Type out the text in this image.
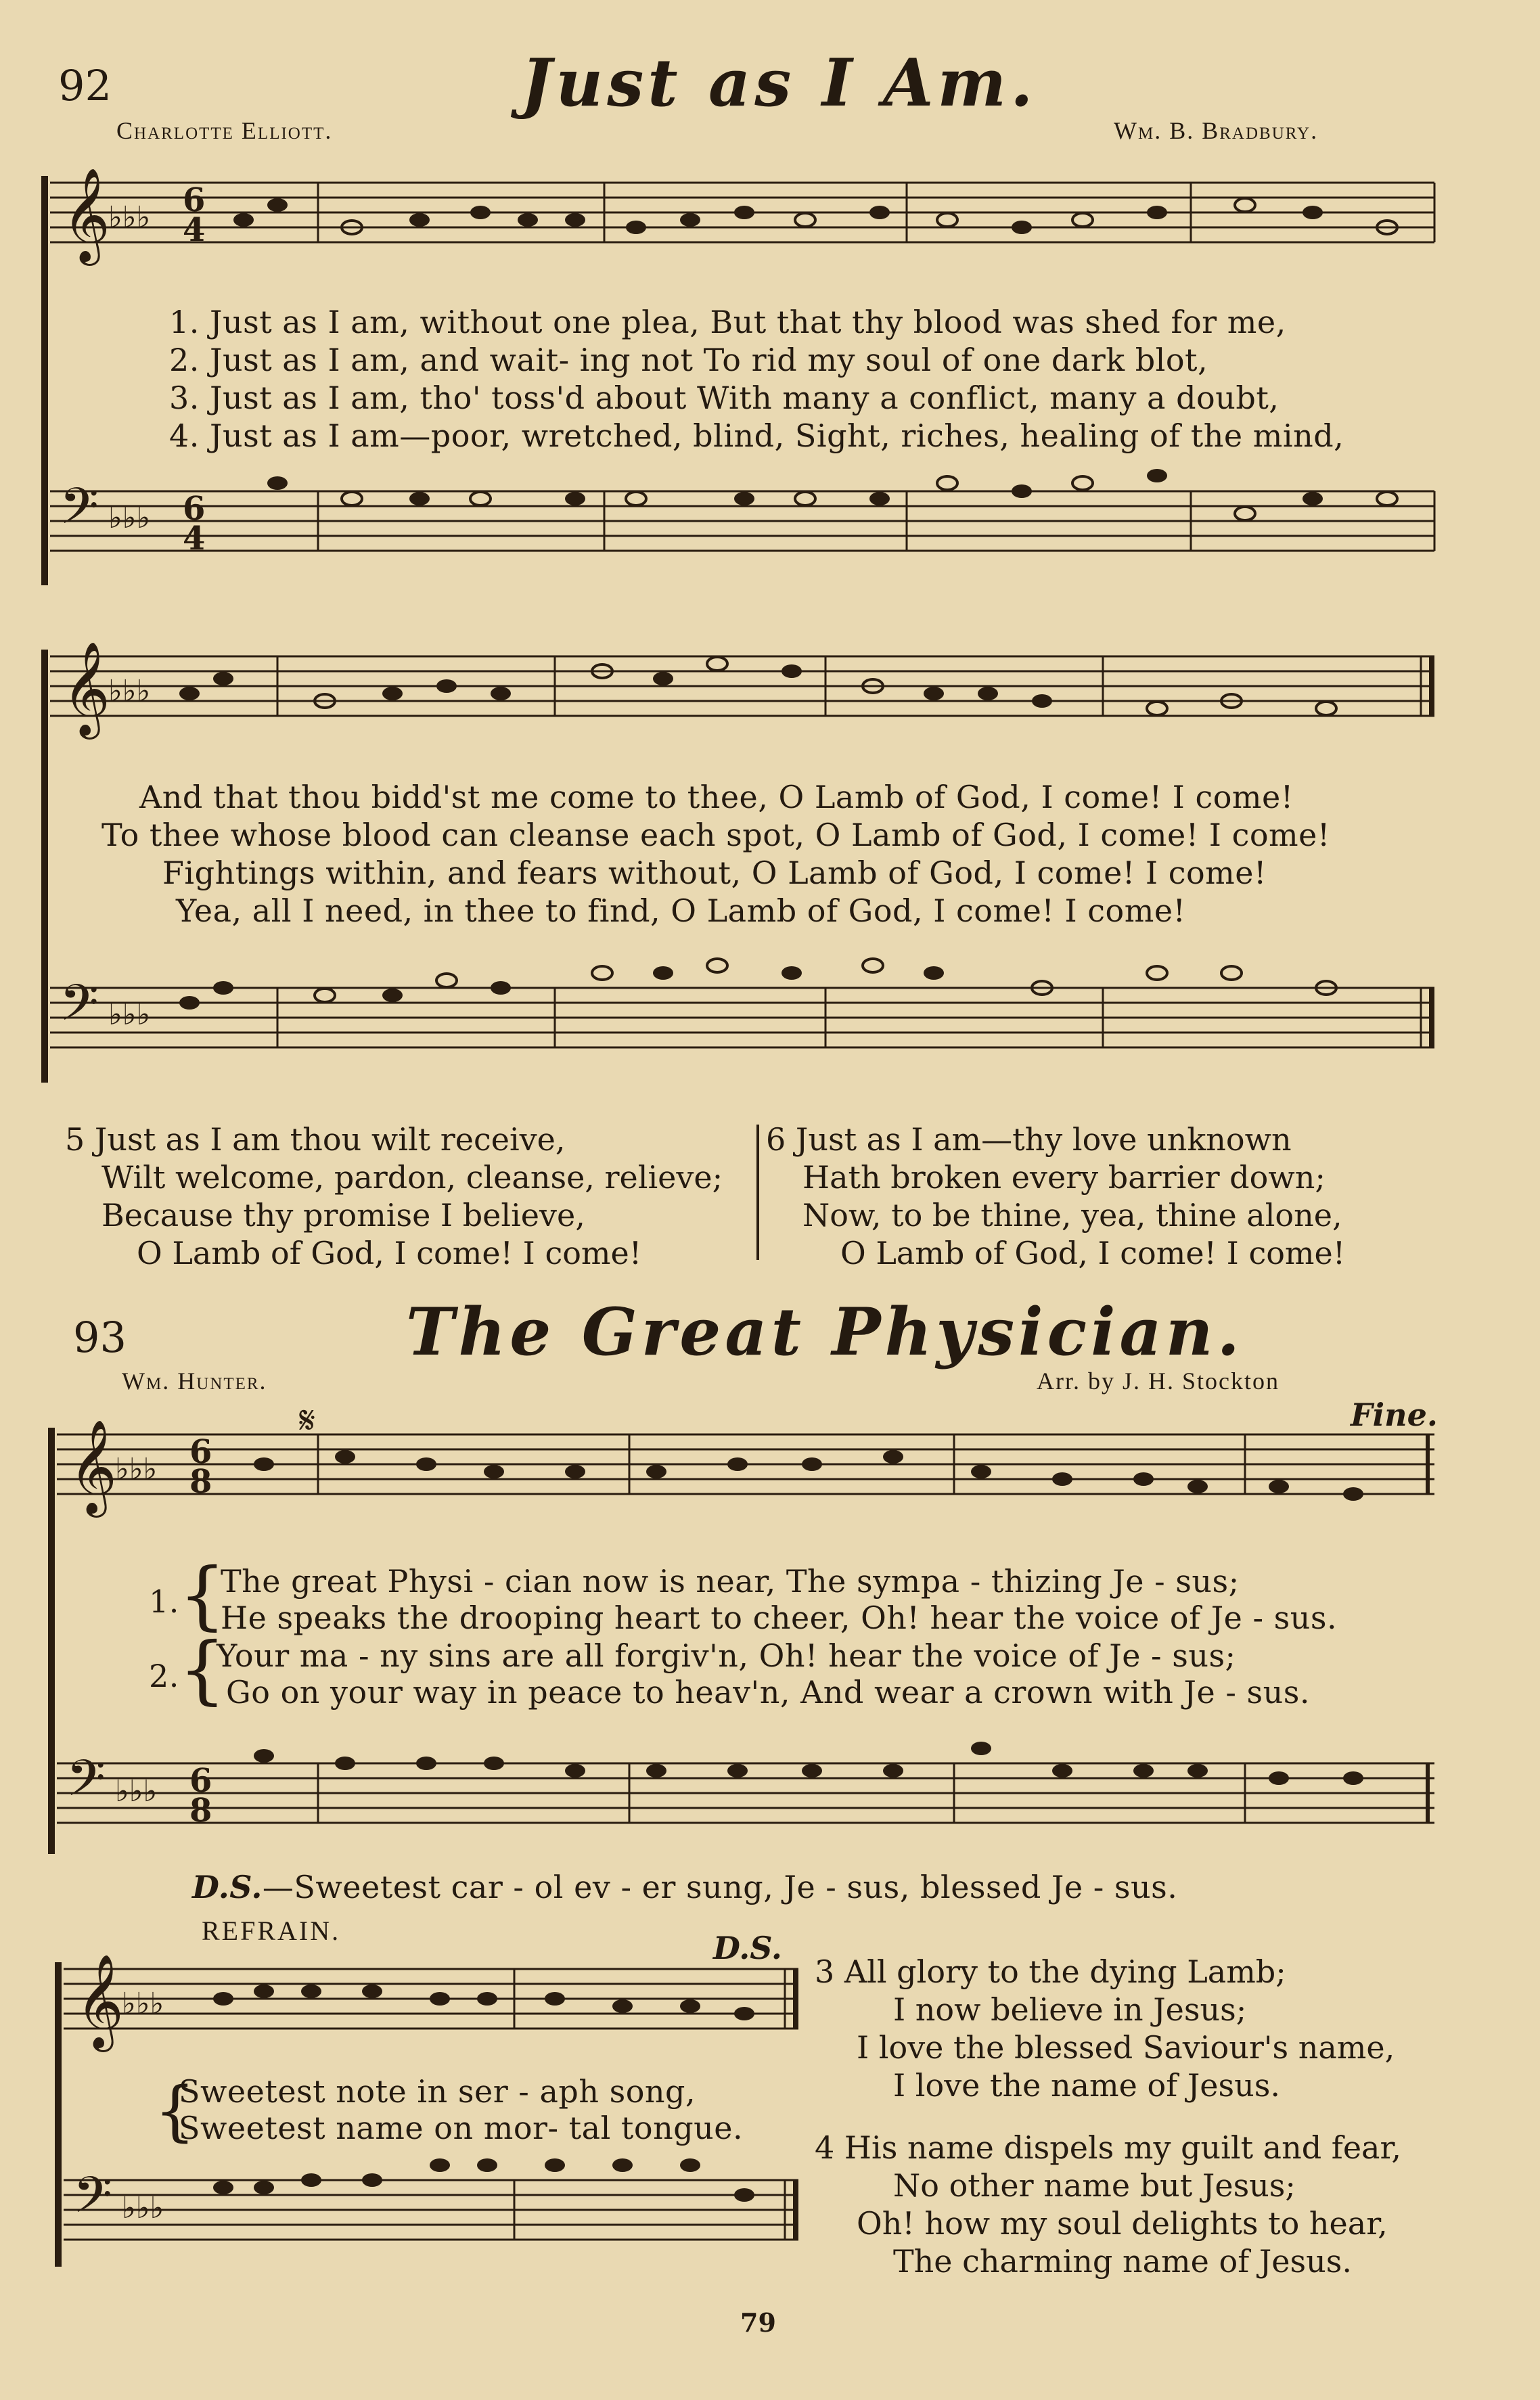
92	Just as I Am.
Charlotte Elliott.	Wm. B. Bradbury.
𝄞
𝄢
♭♭♭
♭♭♭
6
4
6
4
1. Just as I am, without one plea, But that thy blood was shed for me,
2. Just as I am, and wait- ing not To rid my soul of one dark blot,
3. Just as I am, tho' toss'd about With many a conflict, many a doubt,
4. Just as I am—poor, wretched, blind, Sight, riches, healing of the mind,
𝄞
𝄢
♭♭♭
♭♭♭
And that thou bidd'st me come to thee, O Lamb of God, I come! I come!
To thee whose blood can cleanse each spot, O Lamb of God, I come! I come!
Fightings within, and fears without, O Lamb of God, I come! I come!
Yea, all I need, in thee to find, O Lamb of God, I come! I come!
5 Just as I am thou wilt receive,
Wilt welcome, pardon, cleanse, relieve;
Because thy promise I believe,
O Lamb of God, I come! I come!
6 Just as I am—thy love unknown
Hath broken every barrier down;
Now, to be thine, yea, thine alone,
O Lamb of God, I come! I come!
93	The Great Physician.
Wm. Hunter.	Arr. by J. H. Stockton
Fine.
𝄞
𝄢
♭♭♭
♭♭♭
6
8
6
8
𝄋
1. {
The great Physi - cian now is near, The sympa - thizing Je - sus;
He speaks the drooping heart to cheer, Oh! hear the voice of Je - sus.
2. {
Your ma - ny sins are all forgiv'n, Oh! hear the voice of Je - sus;
Go on your way in peace to heav'n, And wear a crown with Je - sus.
D.S.—Sweetest car - ol ev - er sung, Je - sus, blessed Je - sus.
REFRAIN.	D.S.
𝄞
𝄢
♭♭♭
♭♭♭
{
Sweetest note in ser - aph song,
Sweetest name on mor- tal tongue.
3 All glory to the dying Lamb;
I now believe in Jesus;
I love the blessed Saviour's name,
I love the name of Jesus.
4 His name dispels my guilt and fear,
No other name but Jesus;
Oh! how my soul delights to hear,
The charming name of Jesus.
79
